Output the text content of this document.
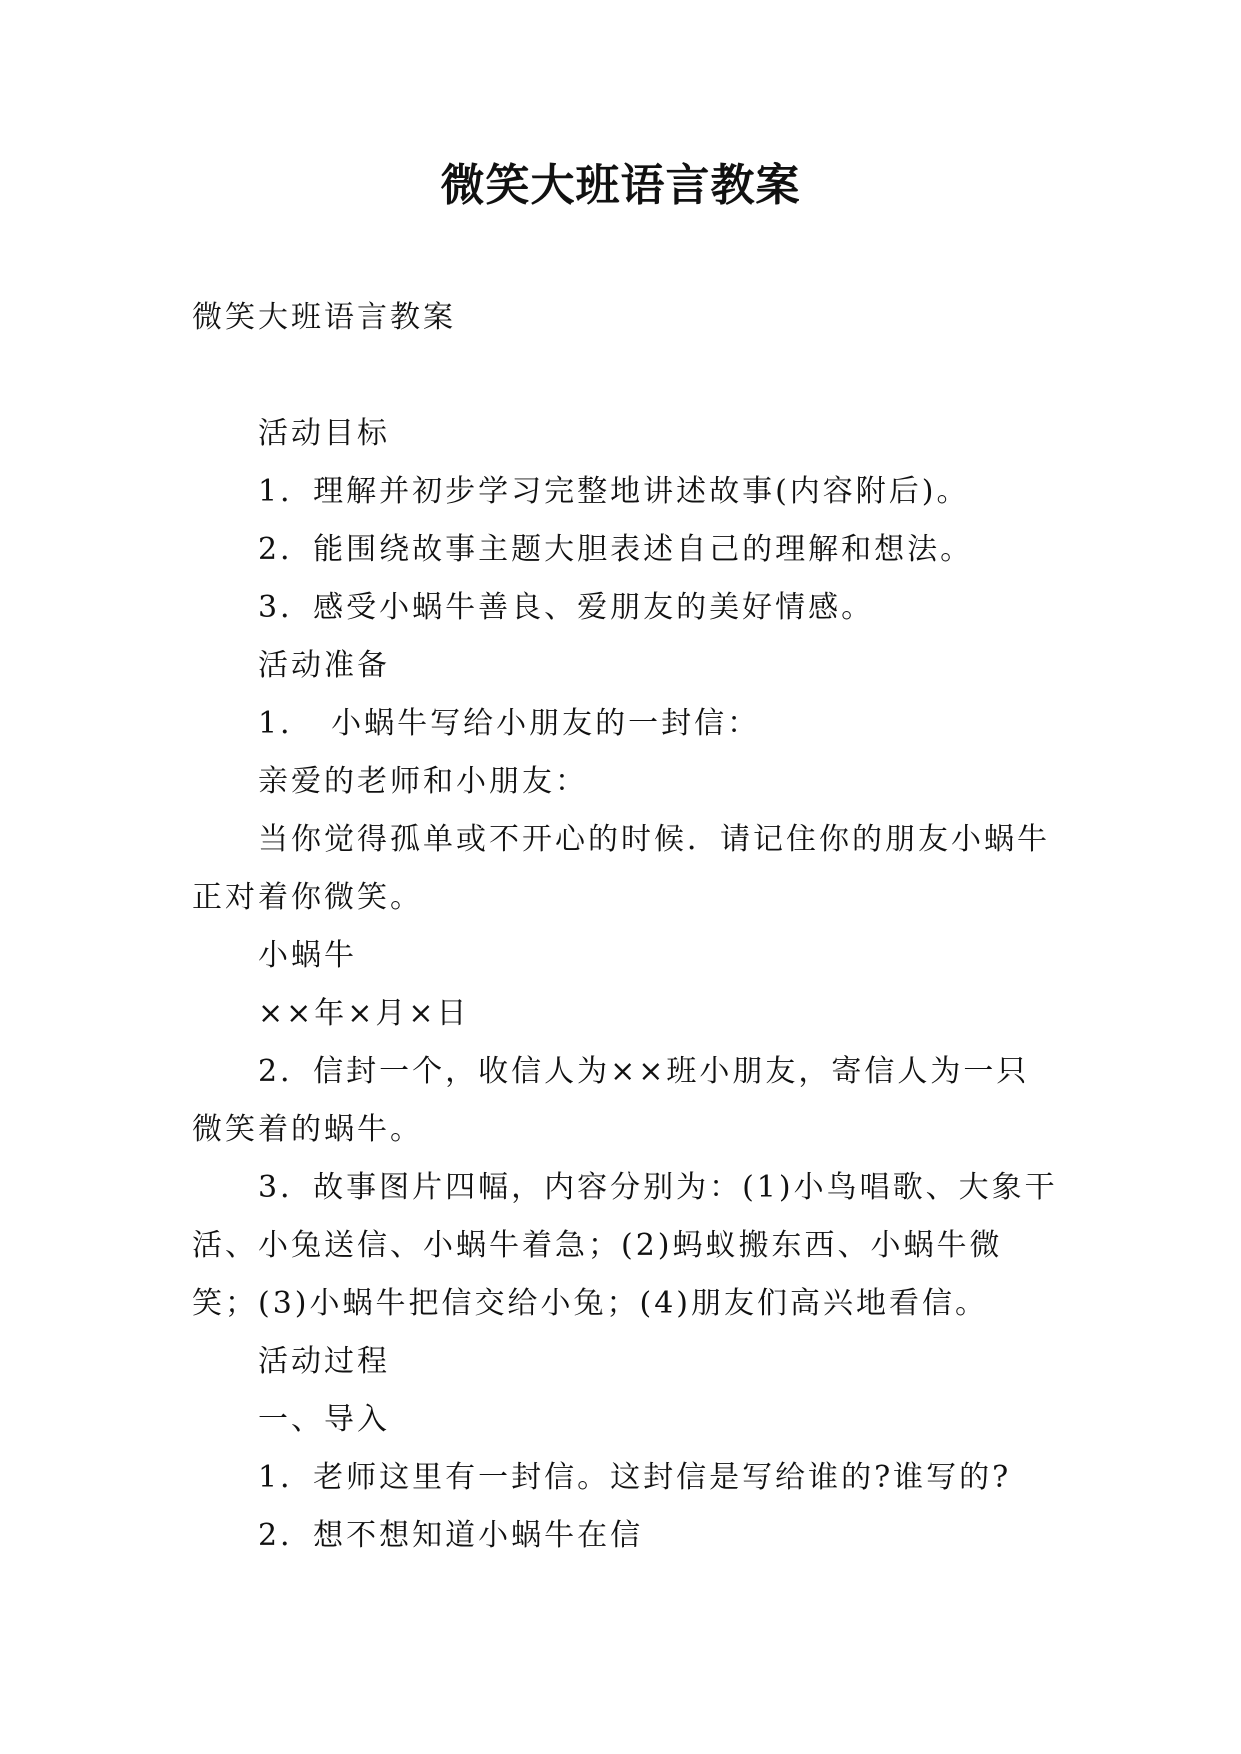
微笑大班语言教案

微笑大班语言教案

活动目标

1．理解并初步学习完整地讲述故事(内容附后)。

2．能围绕故事主题大胆表述自己的理解和想法。

3．感受小蜗牛善良、爱朋友的美好情感。

活动准备

1．　小蜗牛写给小朋友的一封信：

亲爱的老师和小朋友：

当你觉得孤单或不开心的时候．请记住你的朋友小蜗牛正对着你微笑。

小蜗牛

××年×月×日

2．信封一个，收信人为××班小朋友，寄信人为一只微笑着的蜗牛。

3．故事图片四幅，内容分别为：(1)小鸟唱歌、大象干活、小兔送信、小蜗牛着急；(2)蚂蚁搬东西、小蜗牛微笑；(3)小蜗牛把信交给小兔；(4)朋友们高兴地看信。

活动过程

一、导入

1．老师这里有一封信。这封信是写给谁的?谁写的?

2．想不想知道小蜗牛在信
